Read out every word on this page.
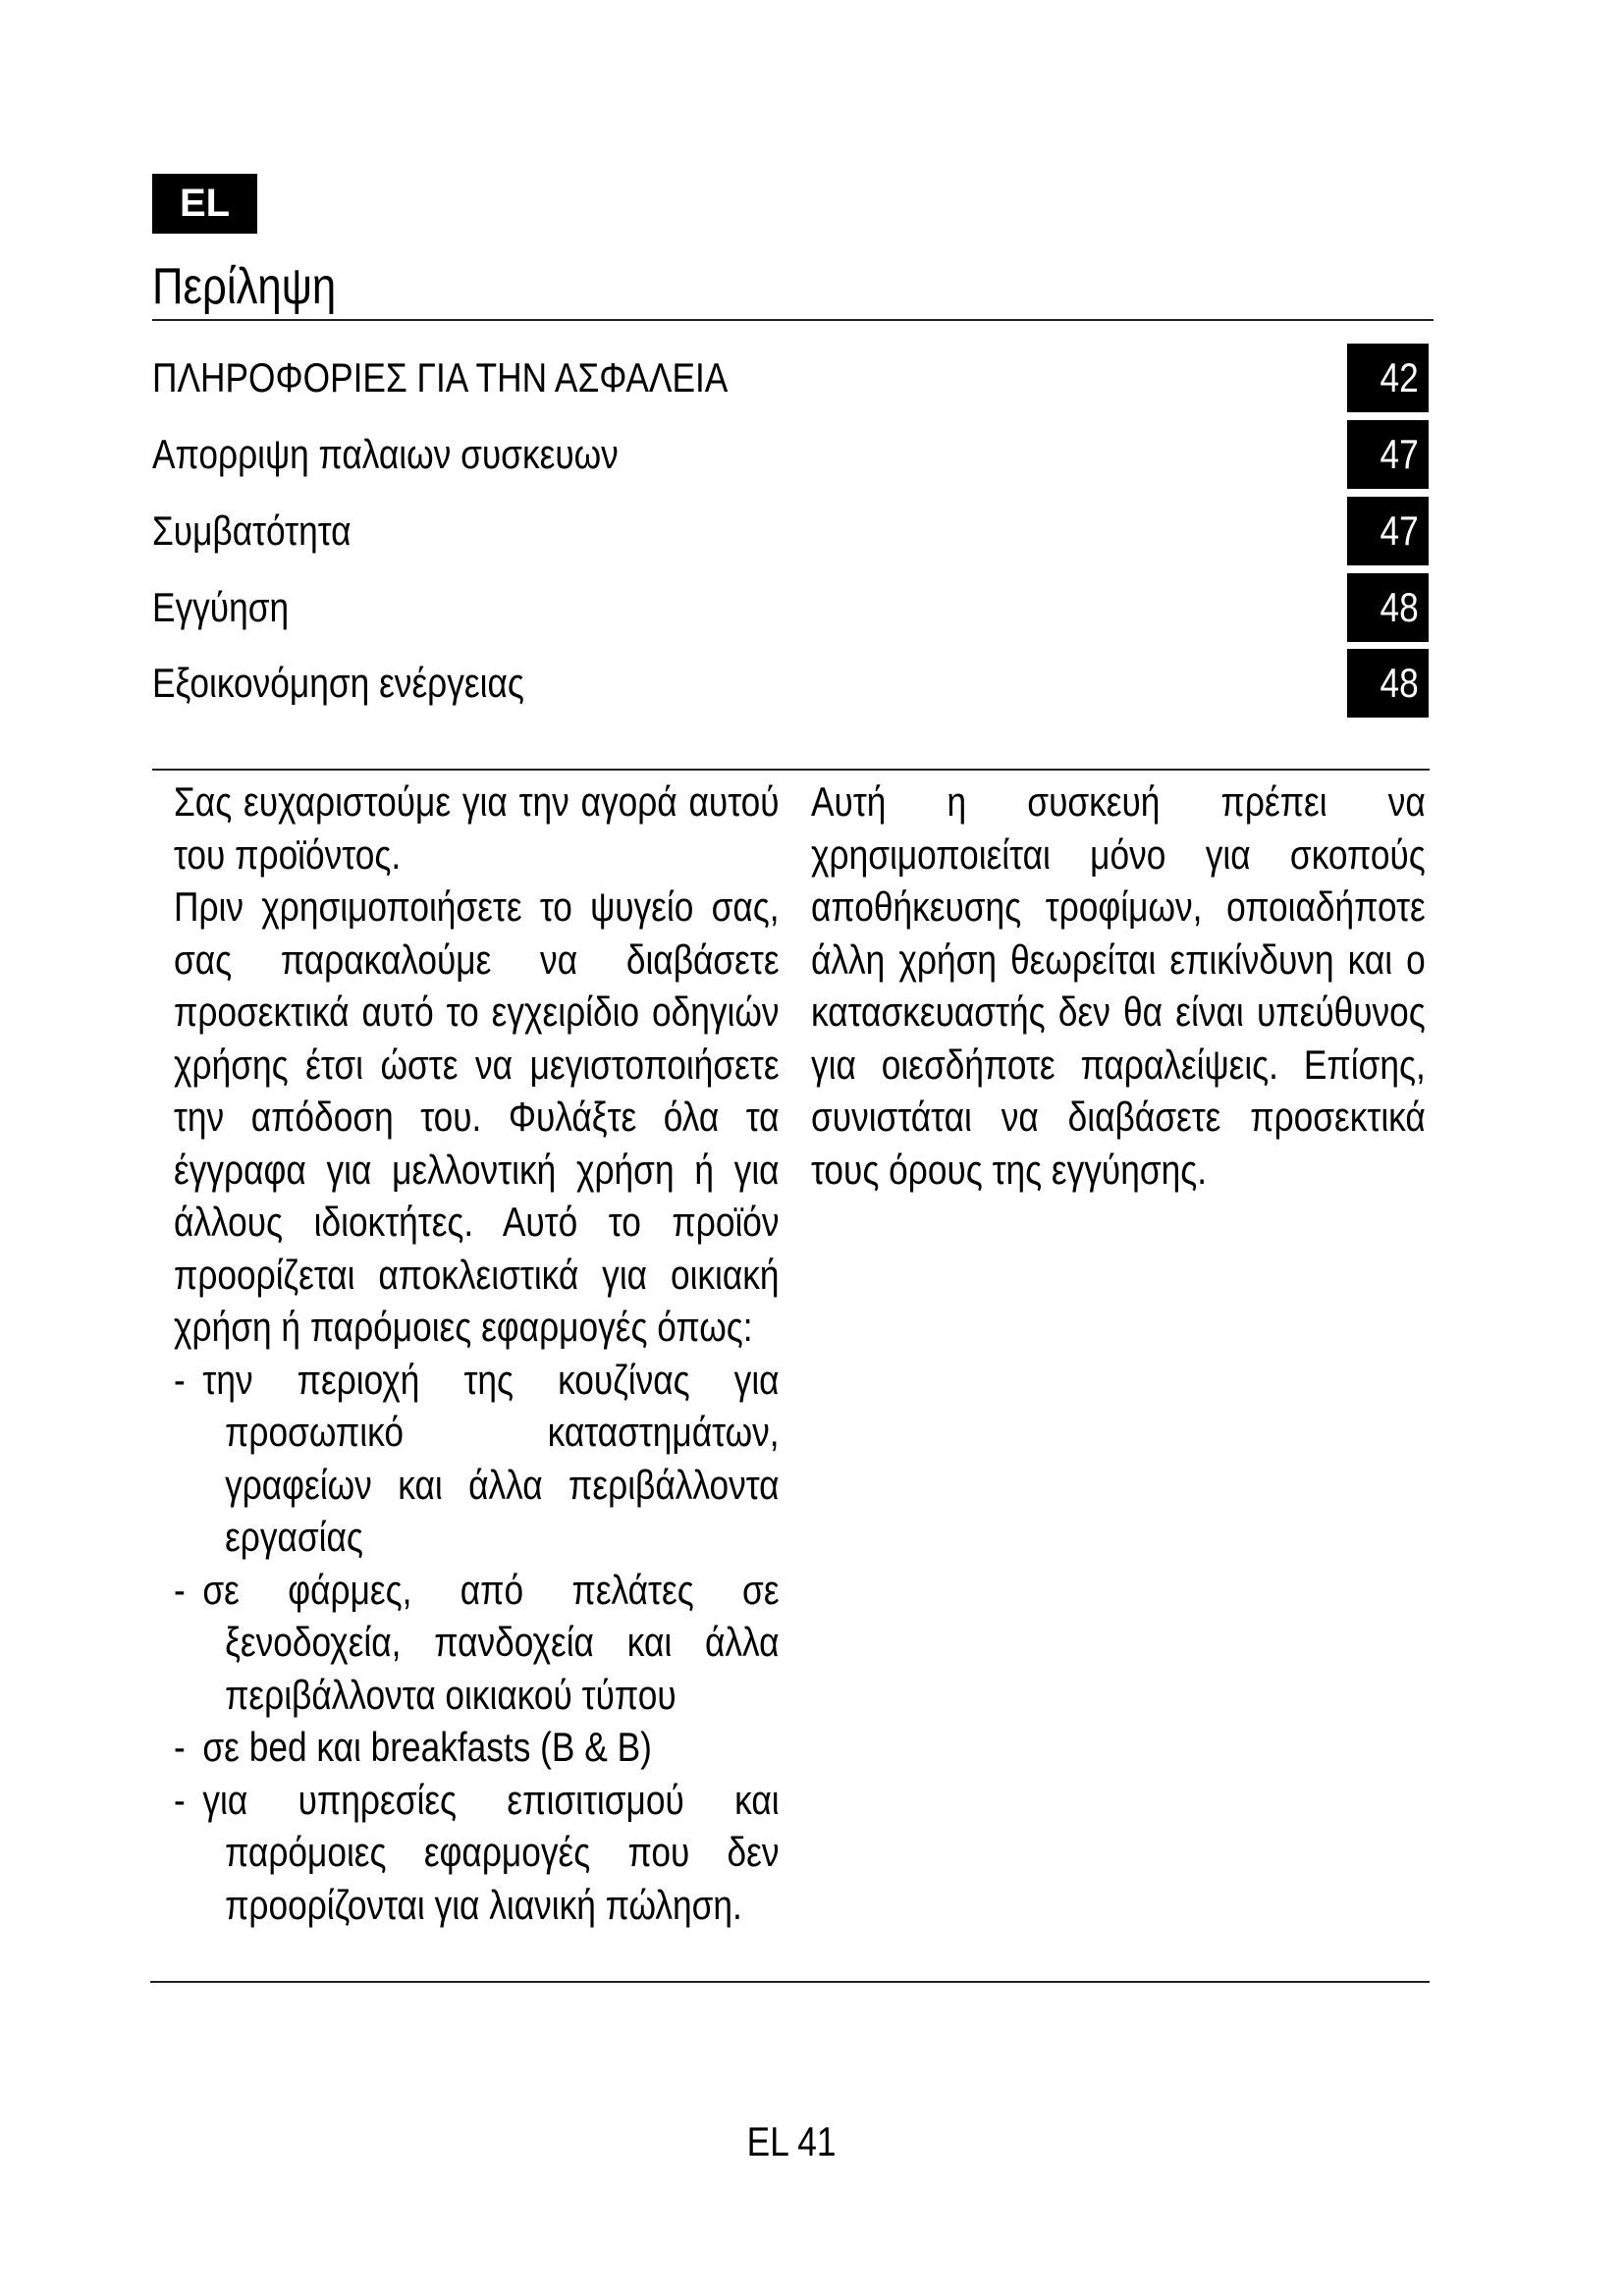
EL
Περίληψη
ΠΛΗΡΟΦΟΡΙΕΣ ΓΙΑ ΤΗΝ ΑΣΦΑΛΕΙΑ	42
Απορριψη παλαιων συσκευων	47
Συμβατότητα	47
Εγγύηση	48
Εξοικονόμηση ενέργειας	48

Σας ευχαριστούμε για την αγορά αυτού του προϊόντος.

Πριν χρησιμοποιήσετε το ψυγείο σας, σας παρακαλούμε να διαβάσετε προσεκτικά αυτό το εγχειρίδιο οδηγιών χρήσης έτσι ώστε να μεγιστοποιήσετε την απόδοση του. Φυλάξτε όλα τα έγγραφα για μελλοντική χρήση ή για άλλους ιδιοκτήτες. Αυτό το προϊόν προορίζεται αποκλειστικά για οικιακή χρήση ή παρόμοιες εφαρμογές όπως:

- την περιοχή της κουζίνας για προσωπικό καταστημάτων, γραφείων και άλλα περιβάλλοντα εργασίας
- σε φάρμες, από πελάτες σε ξενοδοχεία, πανδοχεία και άλλα περιβάλλοντα οικιακού τύπου
- σε bed και breakfasts (B & B)
- για υπηρεσίες επισιτισμού και παρόμοιες εφαρμογές που δεν προορίζονται για λιανική πώληση.

Αυτή η συσκευή πρέπει να χρησιμοποιείται μόνο για σκοπούς αποθήκευσης τροφίμων, οποιαδήποτε άλλη χρήση θεωρείται επικίνδυνη και ο κατασκευαστής δεν θα είναι υπεύθυνος για οιεσδήποτε παραλείψεις. Επίσης, συνιστάται να διαβάσετε προσεκτικά τους όρους της εγγύησης.

EL 41
